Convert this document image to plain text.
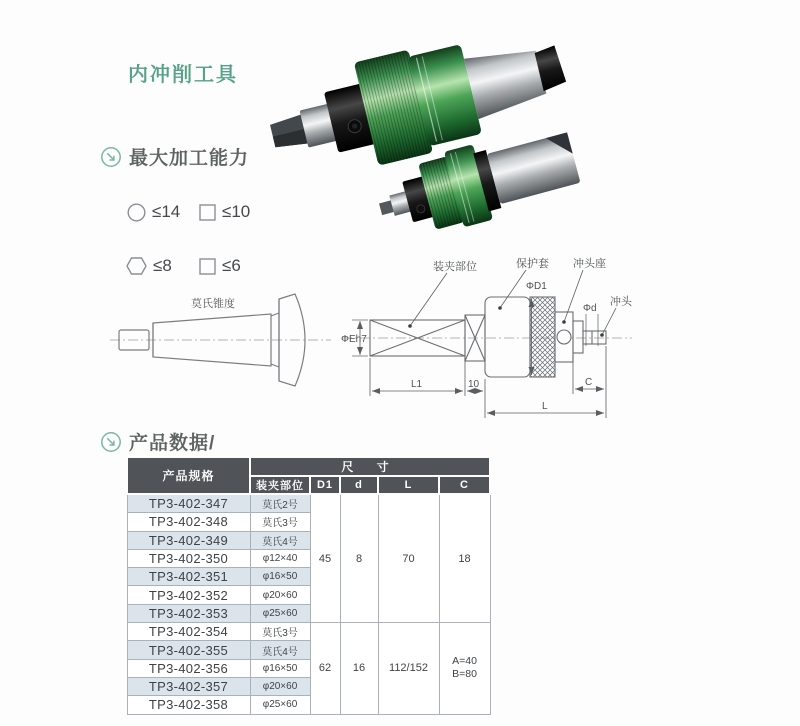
内冲削工具
最大加工能力
≤14 ≤10
≤8	≤6
莫氏锥度
装夹部位	保护套
ΦD1
冲头座
Φd
冲头
ΦEh7
L1	10	C
L
产品数据/
产品规格	尺 寸				
	装夹部位	D1	d	L	C
TP3-402-347	莫氏2号	45	8	70	18
TP3-402-348	莫氏3号				
TP3-402-349	莫氏4号				
TP3-402-350	φ12×40				
TP3-402-351	φ16×50				
TP3-402-352	φ20×60				
TP3-402-353	φ25×60				
TP3-402-354	莫氏3号	62	16	112/152	A=40
B=80
TP3-402-355	莫氏4号				
TP3-402-356	φ16×50				
TP3-402-357	φ20×60				
TP3-402-358	φ25×60				
